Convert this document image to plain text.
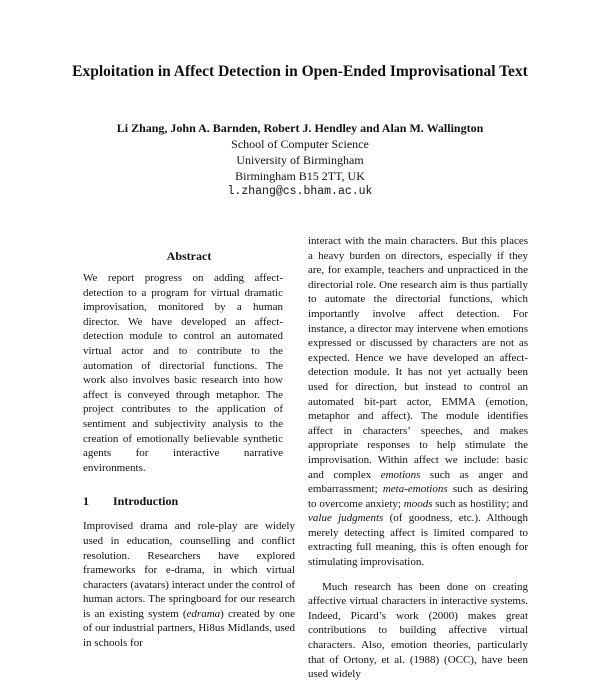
Exploitation in Affect Detection in Open-Ended Improvisational Text
Li Zhang, John A. Barnden, Robert J. Hendley and Alan M. Wallington
School of Computer Science
University of Birmingham
Birmingham B15 2TT, UK
l.zhang@cs.bham.ac.uk
Abstract

We report progress on adding affect-detection to a program for virtual dramatic improvisation, monitored by a human director. We have developed an affect-detection module to control an automated virtual actor and to contribute to the automation of directorial functions. The work also involves basic research into how affect is conveyed through metaphor. The project contributes to the application of sentiment and subjectivity analysis to the creation of emotionally believable synthetic agents for interactive narrative environments.

1 Introduction

Improvised drama and role-play are widely used in education, counselling and conflict resolution. Researchers have explored frameworks for e-drama, in which virtual characters (avatars) interact under the control of human actors. The springboard for our research is an existing system (edrama) created by one of our industrial partners, Hi8us Midlands, used in schools for

interact with the main characters. But this places a heavy burden on directors, especially if they are, for example, teachers and unpracticed in the directorial role. One research aim is thus partially to automate the directorial functions, which importantly involve affect detection. For instance, a director may intervene when emotions expressed or discussed by characters are not as expected. Hence we have developed an affect-detection module. It has not yet actually been used for direction, but instead to control an automated bit-part actor, EMMA (emotion, metaphor and affect). The module identifies affect in characters’ speeches, and makes appropriate responses to help stimulate the improvisation. Within affect we include: basic and complex emotions such as anger and embarrassment; meta-emotions such as desiring to overcome anxiety; moods such as hostility; and value judgments (of goodness, etc.). Although merely detecting affect is limited compared to extracting full meaning, this is often enough for stimulating improvisation.

Much research has been done on creating affective virtual characters in interactive systems. Indeed, Picard’s work (2000) makes great contributions to building affective virtual characters. Also, emotion theories, particularly that of Ortony, et al. (1988) (OCC), have been used widely
